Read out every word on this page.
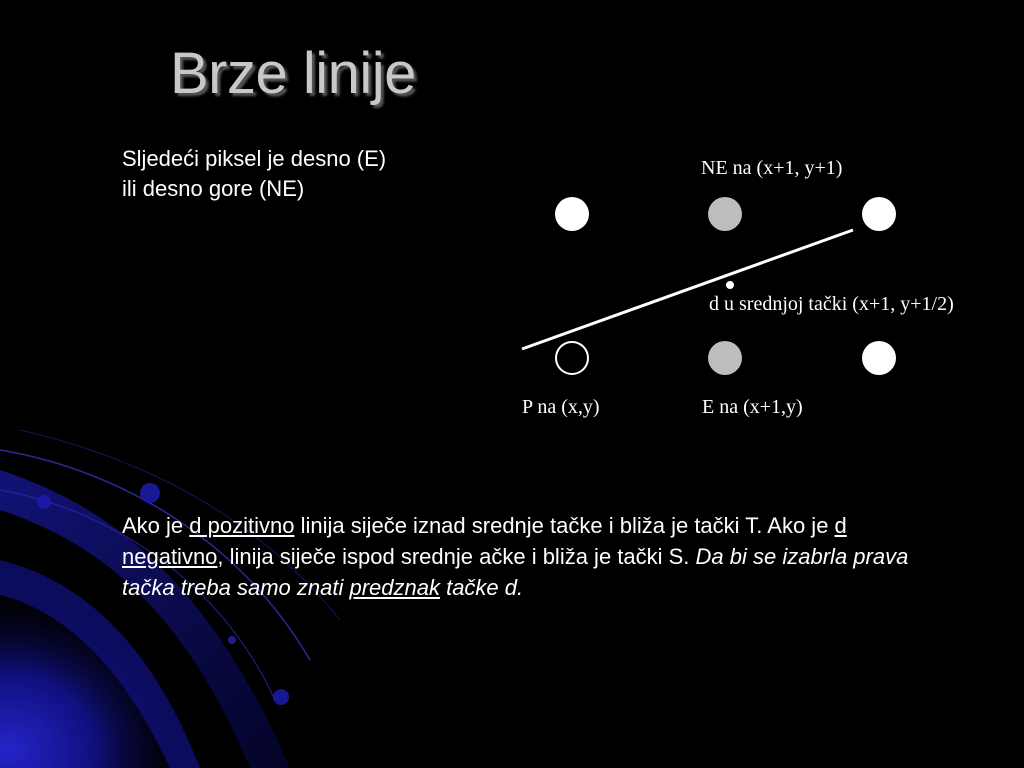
Brze linije
Sljedeći piksel je desno (E)
ili desno gore (NE)
NE na (x+1, y+1)
d u srednjoj tački (x+1, y+1/2)
P na (x,y)	E na (x+1,y)
Ako je d pozitivno linija siječe iznad srednje tačke i bliža je tački T. Ako je d negativno, linija siječe ispod srednje ačke i bliža je tački S. Da bi se izabrla prava tačka treba samo znati predznak tačke d.
